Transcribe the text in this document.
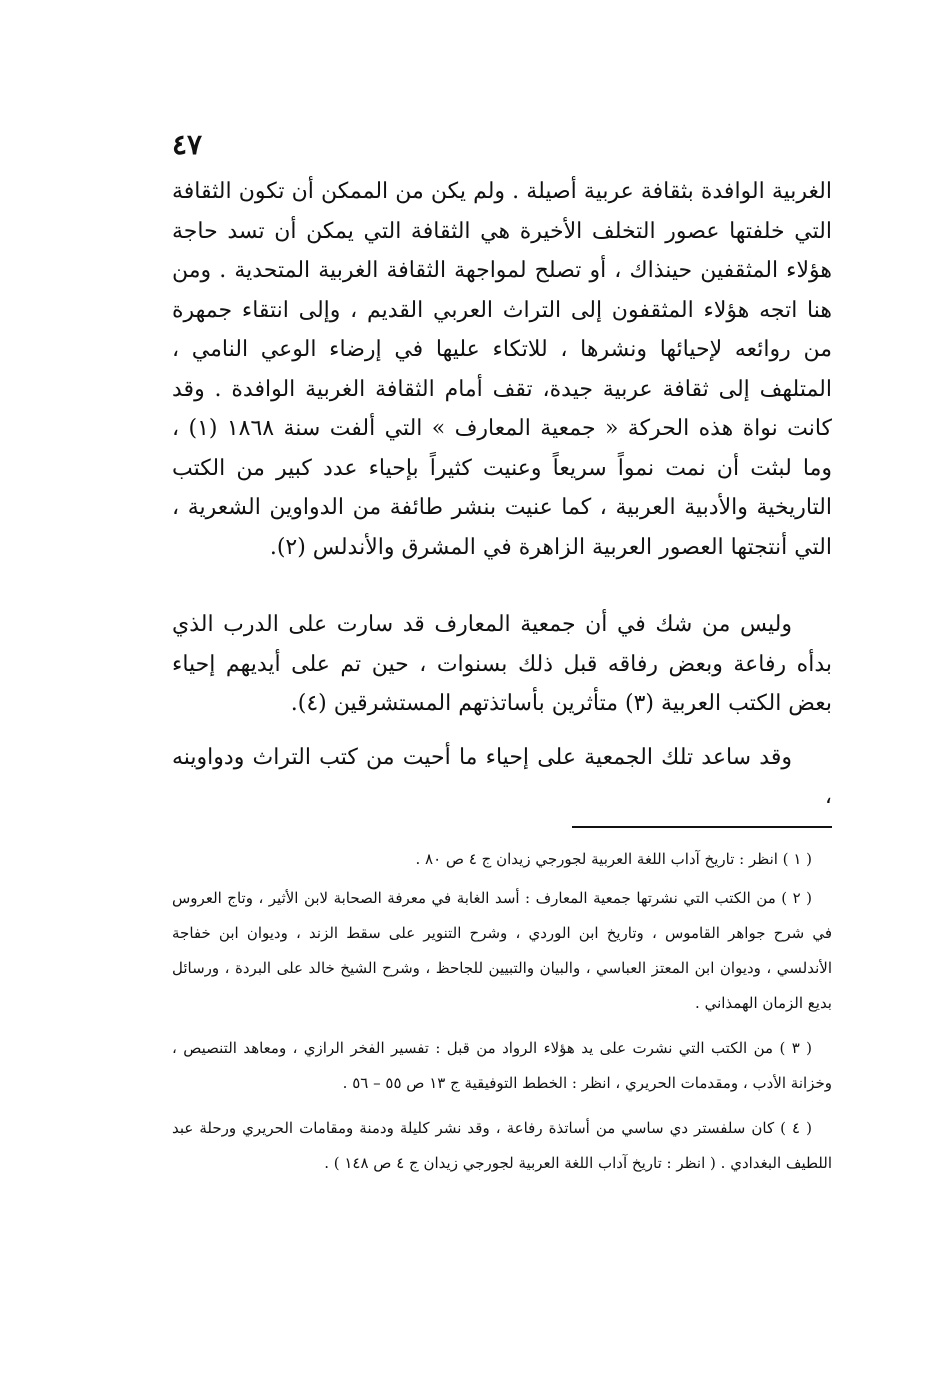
٤٧

الغربية الوافدة بثقافة عربية أصيلة . ولم يكن من الممكن أن تكون الثقافة التي خلفتها عصور التخلف الأخيرة هي الثقافة التي يمكن أن تسد حاجة هؤلاء المثقفين حينذاك ، أو تصلح لمواجهة الثقافة الغربية المتحدية . ومن هنا اتجه هؤلاء المثقفون إلى التراث العربي القديم ، وإلى انتقاء جمهرة من روائعه لإحيائها ونشرها ، للاتكاء عليها في إرضاء الوعي النامي ، المتلهف إلى ثقافة عربية جيدة، تقف أمام الثقافة الغربية الوافدة . وقد كانت نواة هذه الحركة « جمعية المعارف » التي ألفت سنة ١٨٦٨ (١) ، وما لبثت أن نمت نمواً سريعاً وعنيت كثيراً بإحياء عدد كبير من الكتب التاريخية والأدبية العربية ، كما عنيت بنشر طائفة من الدواوين الشعرية ، التي أنتجتها العصور العربية الزاهرة في المشرق والأندلس (٢).

وليس من شك في أن جمعية المعارف قد سارت على الدرب الذي بدأه رفاعة وبعض رفاقه قبل ذلك بسنوات ، حين تم على أيديهم إحياء بعض الكتب العربية (٣) متأثرين بأساتذتهم المستشرقين (٤).

وقد ساعد تلك الجمعية على إحياء ما أحيت من كتب التراث ودواوينه ،

( ١ ) انظر : تاريخ آداب اللغة العربية لجورجي زيدان ج ٤ ص ٨٠ .

( ٢ ) من الكتب التي نشرتها جمعية المعارف : أسد الغابة في معرفة الصحابة لابن الأثير ، وتاج العروس في شرح جواهر القاموس ، وتاريخ ابن الوردي ، وشرح التنوير على سقط الزند ، وديوان ابن خفاجة الأندلسي ، وديوان ابن المعتز العباسي ، والبيان والتبيين للجاحظ ، وشرح الشيخ خالد على البردة ، ورسائل بديع الزمان الهمذاني .

( ٣ ) من الكتب التي نشرت على يد هؤلاء الرواد من قبل : تفسير الفخر الرازي ، ومعاهد التنصيص ، وخزانة الأدب ، ومقدمات الحريري ، انظر : الخطط التوفيقية ج ١٣ ص ٥٥ – ٥٦ .

( ٤ ) كان سلفستر دي ساسي من أساتذة رفاعة ، وقد نشر كليلة ودمنة ومقامات الحريري ورحلة عبد اللطيف البغدادي . ( انظر : تاريخ آداب اللغة العربية لجورجي زيدان ج ٤ ص ١٤٨ ) .
